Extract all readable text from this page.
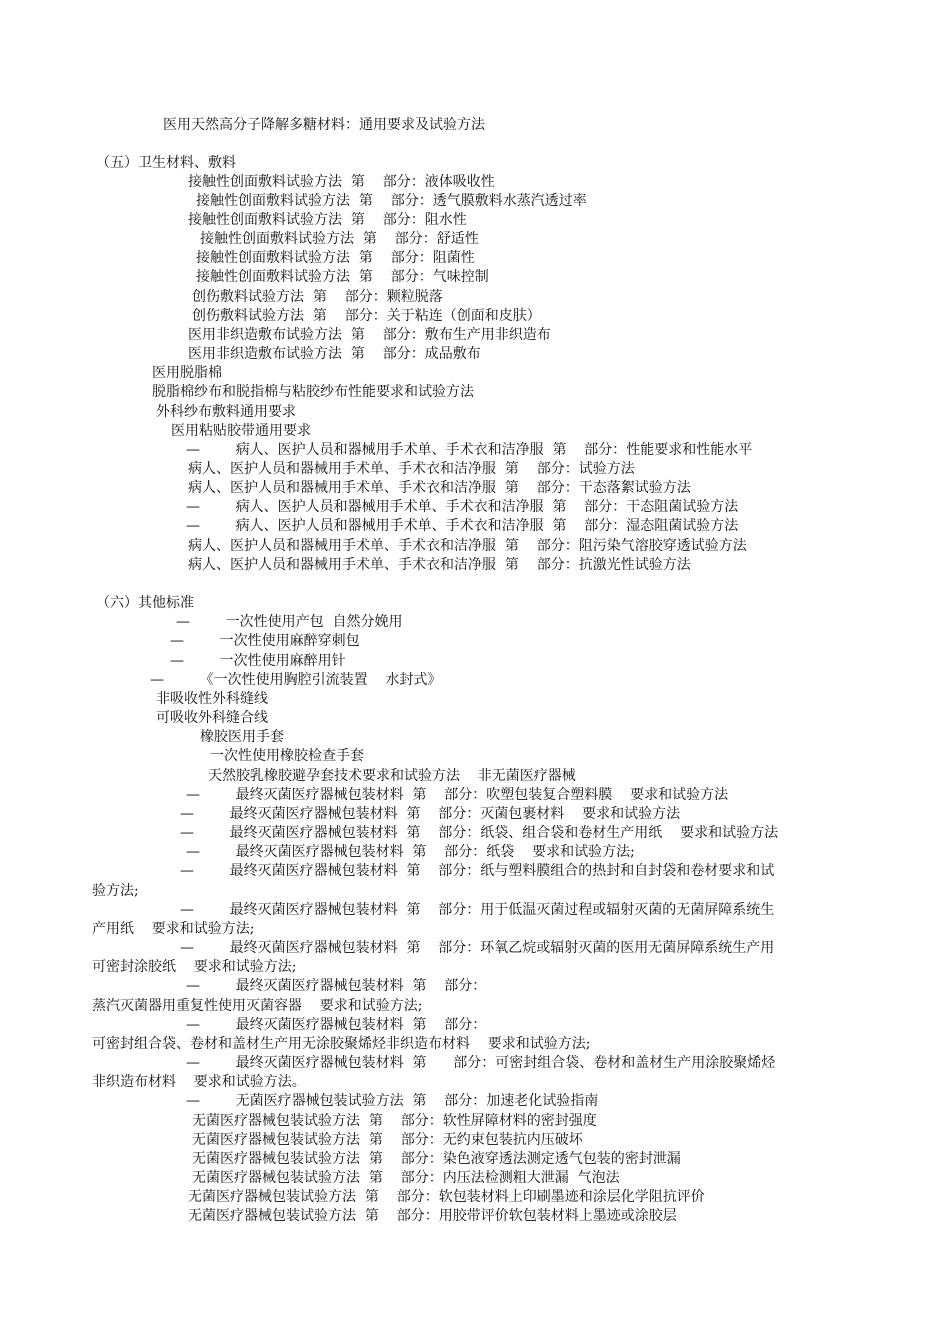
医用天然高分子降解多糖材料：通用要求及试验方法
（五）卫生材料、敷料
接触性创面敷料试验方法  第    部分：液体吸收性
接触性创面敷料试验方法  第    部分：透气膜敷料水蒸汽透过率
接触性创面敷料试验方法  第    部分：阻水性
接触性创面敷料试验方法  第    部分：舒适性
接触性创面敷料试验方法  第    部分：阻菌性
接触性创面敷料试验方法  第    部分：气味控制
创伤敷料试验方法  第    部分：颗粒脱落
创伤敷料试验方法  第    部分：关于粘连（创面和皮肤）
医用非织造敷布试验方法  第    部分：敷布生产用非织造布
医用非织造敷布试验方法  第    部分：成品敷布
医用脱脂棉
脱脂棉纱布和脱指棉与粘胶纱布性能要求和试验方法
外科纱布敷料通用要求
医用粘贴胶带通用要求
—        病人、医护人员和器械用手术单、手术衣和洁净服  第    部分：性能要求和性能水平
病人、医护人员和器械用手术单、手术衣和洁净服  第    部分：试验方法
病人、医护人员和器械用手术单、手术衣和洁净服  第    部分：干态落絮试验方法
—        病人、医护人员和器械用手术单、手术衣和洁净服  第    部分：干态阻菌试验方法
—        病人、医护人员和器械用手术单、手术衣和洁净服  第    部分：湿态阻菌试验方法
病人、医护人员和器械用手术单、手术衣和洁净服  第    部分：阻污染气溶胶穿透试验方法
病人、医护人员和器械用手术单、手术衣和洁净服  第    部分：抗激光性试验方法
（六）其他标准
—        一次性使用产包  自然分娩用
—        一次性使用麻醉穿刺包
—        一次性使用麻醉用针
—        《一次性使用胸腔引流装置    水封式》
非吸收性外科缝线
可吸收外科缝合线
橡胶医用手套
一次性使用橡胶检查手套
天然胶乳橡胶避孕套技术要求和试验方法    非无菌医疗器械
—        最终灭菌医疗器械包装材料  第    部分：吹塑包装复合塑料膜    要求和试验方法
—        最终灭菌医疗器械包装材料  第    部分：灭菌包裹材料    要求和试验方法
—        最终灭菌医疗器械包装材料  第    部分：纸袋、组合袋和卷材生产用纸    要求和试验方法
—        最终灭菌医疗器械包装材料  第    部分：纸袋    要求和试验方法;
—        最终灭菌医疗器械包装材料  第    部分：纸与塑料膜组合的热封和自封袋和卷材要求和试
验方法;
—        最终灭菌医疗器械包装材料  第    部分：用于低温灭菌过程或辐射灭菌的无菌屏障系统生
产用纸    要求和试验方法;
—        最终灭菌医疗器械包装材料  第    部分：环氧乙烷或辐射灭菌的医用无菌屏障系统生产用
可密封涂胶纸    要求和试验方法;
—        最终灭菌医疗器械包装材料  第    部分：
蒸汽灭菌器用重复性使用灭菌容器    要求和试验方法;
—        最终灭菌医疗器械包装材料  第    部分：
可密封组合袋、卷材和盖材生产用无涂胶聚烯烃非织造布材料    要求和试验方法;
—        最终灭菌医疗器械包装材料  第      部分：可密封组合袋、卷材和盖材生产用涂胶聚烯烃
非织造布材料    要求和试验方法。
—        无菌医疗器械包装试验方法  第    部分：加速老化试验指南
无菌医疗器械包装试验方法  第    部分：软性屏障材料的密封强度
无菌医疗器械包装试验方法  第    部分：无约束包装抗内压破坏
无菌医疗器械包装试验方法  第    部分：染色液穿透法测定透气包装的密封泄漏
无菌医疗器械包装试验方法  第    部分：内压法检测粗大泄漏  气泡法
无菌医疗器械包装试验方法  第    部分：软包装材料上印刷墨迹和涂层化学阻抗评价
无菌医疗器械包装试验方法  第    部分：用胶带评价软包装材料上墨迹或涂胶层
